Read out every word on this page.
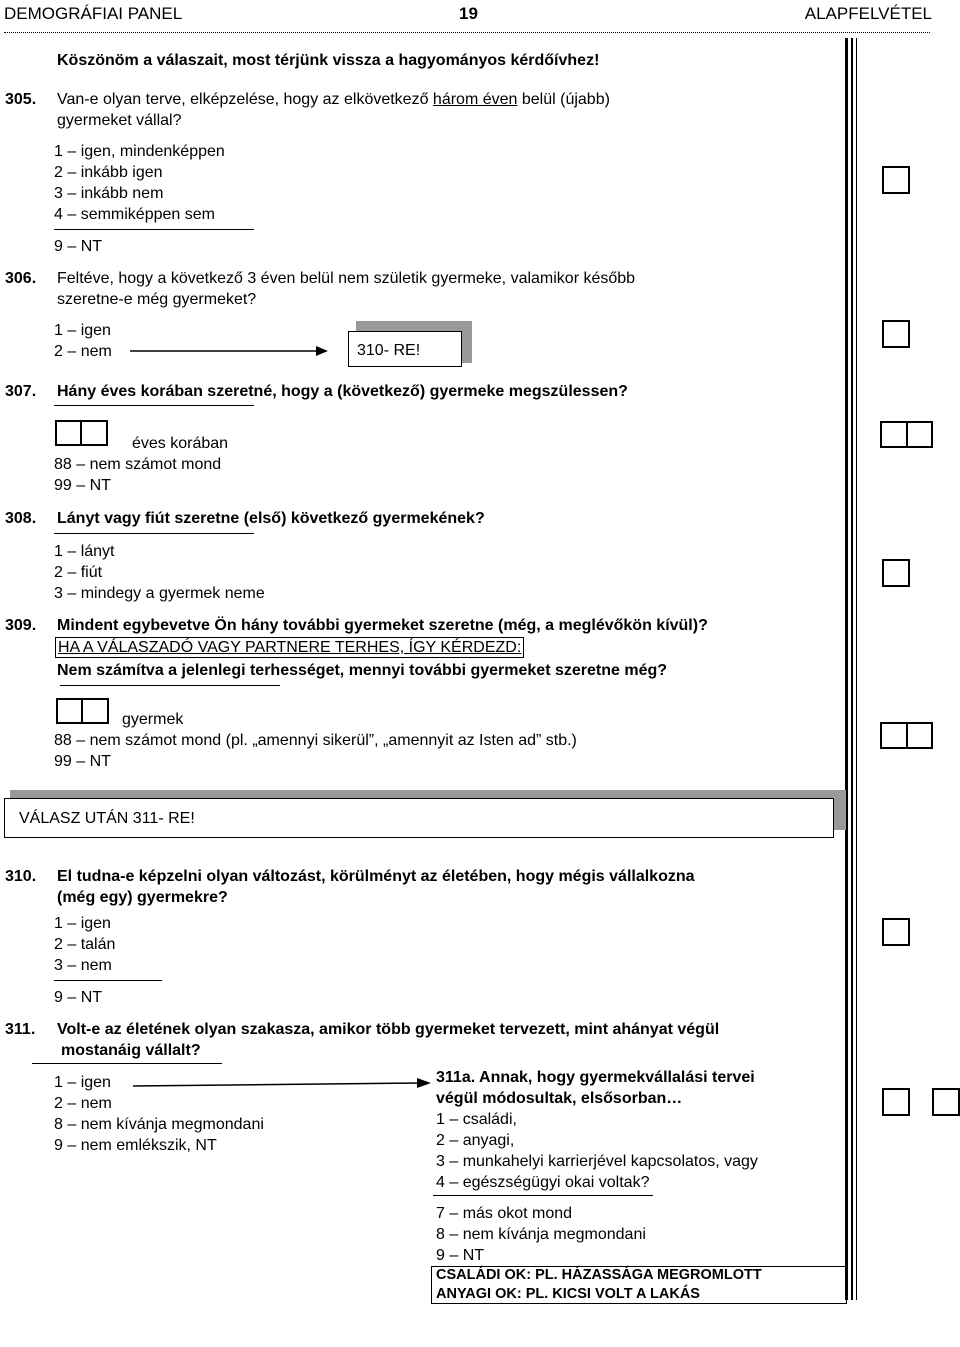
DEMOGRÁFIAI PANEL	19	ALAPFELVÉTEL
Köszönöm a válaszait, most térjünk vissza a hagyományos kérdőívhez!
305. Van-e olyan terve, elképzelése, hogy az elkövetkező három éven belül (újabb)
gyermeket vállal?
1 – igen, mindenképpen
2 – inkább igen
3 – inkább nem
4 – semmiképpen sem
9 – NT
306. Feltéve, hogy a következő 3 éven belül nem születik gyermeke, valamikor később
szeretne-e még gyermeket?
1 – igen
2 – nem	310- RE!
307. Hány éves korában szeretné, hogy a (következő) gyermeke megszülessen?
éves korában
88 – nem számot mond
99 – NT
308. Lányt vagy fiút szeretne (első) következő gyermekének?
1 – lányt
2 – fiút
3 – mindegy a gyermek neme
309. Mindent egybevetve Ön hány további gyermeket szeretne (még, a meglévőkön kívül)?
HA A VÁLASZADÓ VAGY PARTNERE TERHES, ÍGY KÉRDEZD:
Nem számítva a jelenlegi terhességet, mennyi további gyermeket szeretne még?
gyermek
88 – nem számot mond (pl. „amennyi sikerül”, „amennyit az Isten ad” stb.)
99 – NT
VÁLASZ UTÁN 311- RE!
310. El tudna-e képzelni olyan változást, körülményt az életében, hogy mégis vállalkozna
(még egy) gyermekre?
1 – igen
2 – talán
3 – nem
9 – NT
311. Volt-e az életének olyan szakasza, amikor több gyermeket tervezett, mint ahányat végül
mostanáig vállalt?
1 – igen
2 – nem
8 – nem kívánja megmondani
9 – nem emlékszik, NT
311a. Annak, hogy gyermekvállalási tervei
végül módosultak, elsősorban…
1 – családi,
2 – anyagi,
3 – munkahelyi karrierjével kapcsolatos, vagy
4 – egészségügyi okai voltak?
7 – más okot mond
8 – nem kívánja megmondani
9 – NT
CSALÁDI OK: PL. HÁZASSÁGA MEGROMLOTT
ANYAGI OK: PL. KICSI VOLT A LAKÁS
